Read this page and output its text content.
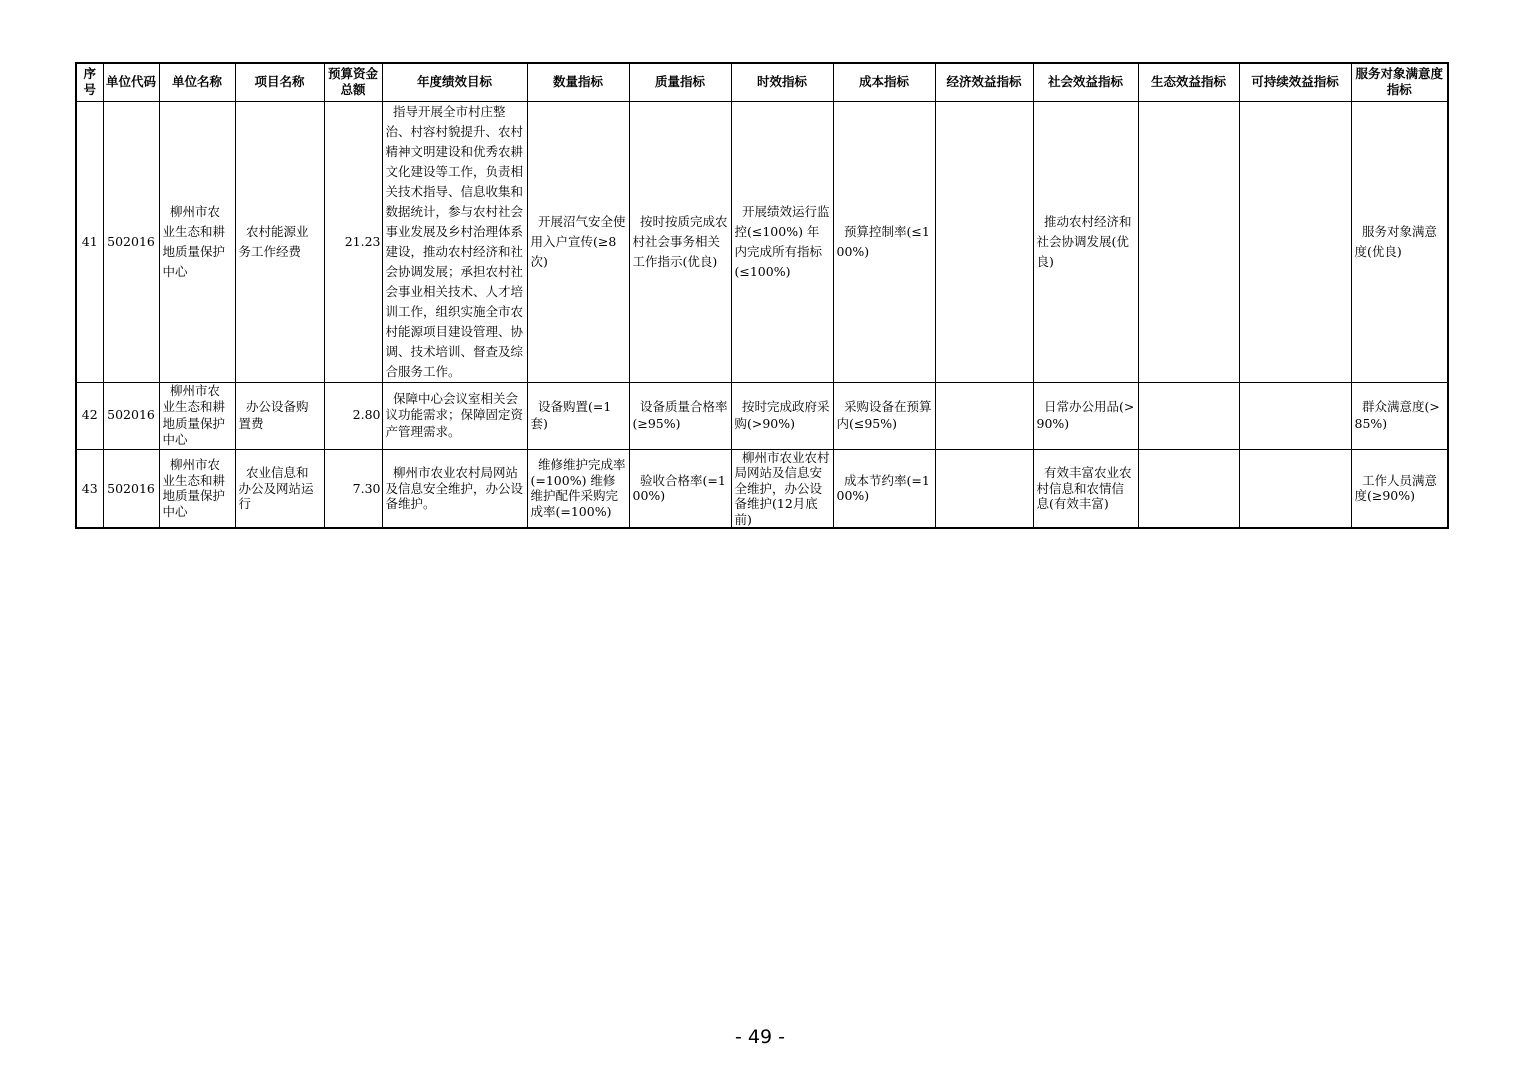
序号	单位代码	单位名称	项目名称	预算资金总额	年度绩效目标	数量指标	质量指标	时效指标	成本指标	经济效益指标	社会效益指标	生态效益指标	可持续效益指标	服务对象满意度指标
41	502016	柳州市农业生态和耕地质量保护中心	农村能源业务工作经费	21.23	指导开展全市村庄整治、村容村貌提升、农村精神文明建设和优秀农耕文化建设等工作，负责相关技术指导、信息收集和数据统计，参与农村社会事业发展及乡村治理体系建设，推动农村经济和社会协调发展；承担农村社会事业相关技术、人才培训工作，组织实施全市农村能源项目建设管理、协调、技术培训、督查及综合服务工作。	开展沼气安全使用入户宣传(≥8次)	按时按质完成农村社会事务相关工作指示(优良)	开展绩效运行监控(≤100%) 年内完成所有指标(≤100%)	预算控制率(≤100%)		推动农村经济和社会协调发展(优良)			服务对象满意度(优良)
42	502016	柳州市农业生态和耕地质量保护中心	办公设备购置费	2.80	保障中心会议室相关会议功能需求；保障固定资产管理需求。	设备购置(=1套)	设备质量合格率(≥95%)	按时完成政府采购(>90%)	采购设备在预算内(≤95%)		日常办公用品(>90%)			群众满意度(>85%)
43	502016	柳州市农业生态和耕地质量保护中心	农业信息和办公及网站运行	7.30	柳州市农业农村局网站及信息安全维护，办公设备维护。	维修维护完成率(=100%) 维修维护配件采购完成率(=100%)	验收合格率(=100%)	柳州市农业农村局网站及信息安全维护，办公设备维护(12月底前)	成本节约率(=100%)		有效丰富农业农村信息和农情信息(有效丰富)			工作人员满意度(≥90%)
- 49 -
